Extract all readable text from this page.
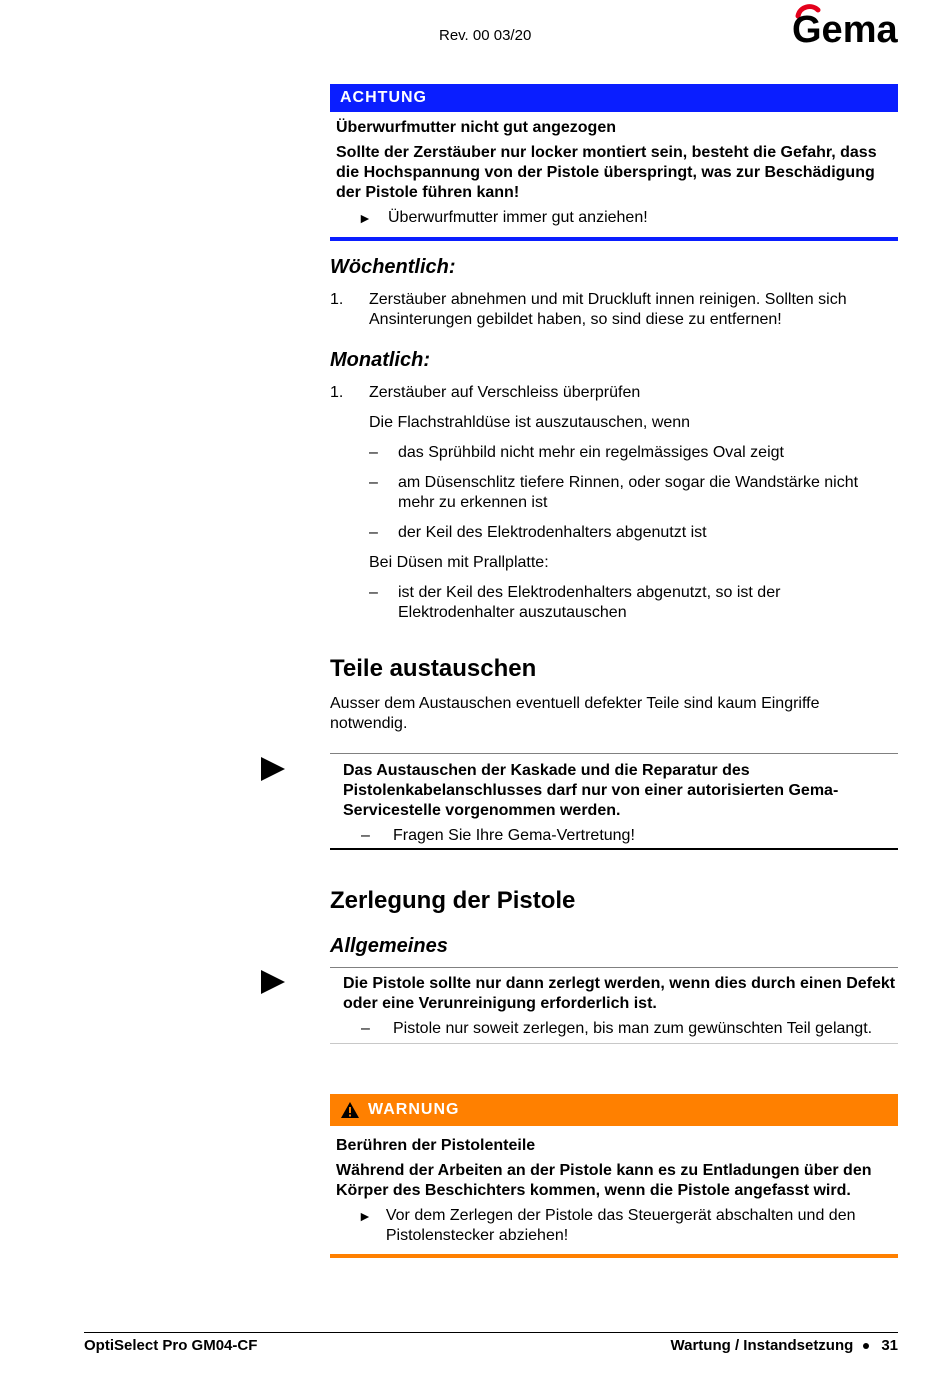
Rev. 00 03/20	Gema
ACHTUNG
Überwurfmutter nicht gut angezogen
Sollte der Zerstäuber nur locker montiert sein, besteht die Gefahr, dass die Hochspannung von der Pistole überspringt, was zur Beschädigung der Pistole führen kann!
► Überwurfmutter immer gut anziehen!
Wöchentlich:
1.	Zerstäuber abnehmen und mit Druckluft innen reinigen. Sollten sich Ansinterungen gebildet haben, so sind diese zu entfernen!
Monatlich:
1.	Zerstäuber auf Verschleiss überprüfen
Die Flachstrahldüse ist auszutauschen, wenn
–	das Sprühbild nicht mehr ein regelmässiges Oval zeigt
–	am Düsenschlitz tiefere Rinnen, oder sogar die Wandstärke nicht mehr zu erkennen ist
–	der Keil des Elektrodenhalters abgenutzt ist
Bei Düsen mit Prallplatte:
–	ist der Keil des Elektrodenhalters abgenutzt, so ist der Elektrodenhalter auszutauschen
Teile austauschen
Ausser dem Austauschen eventuell defekter Teile sind kaum Eingriffe notwendig.
Das Austauschen der Kaskade und die Reparatur des Pistolenkabelanschlusses darf nur von einer autorisierten Gema-Servicestelle vorgenommen werden.
–	Fragen Sie Ihre Gema-Vertretung!
Zerlegung der Pistole
Allgemeines
Die Pistole sollte nur dann zerlegt werden, wenn dies durch einen Defekt oder eine Verunreinigung erforderlich ist.
–	Pistole nur soweit zerlegen, bis man zum gewünschten Teil gelangt.
WARNUNG
Berühren der Pistolenteile
Während der Arbeiten an der Pistole kann es zu Entladungen über den Körper des Beschichters kommen, wenn die Pistole angefasst wird.
► Vor dem Zerlegen der Pistole das Steuergerät abschalten und den Pistolenstecker abziehen!
OptiSelect Pro GM04-CF	Wartung / Instandsetzung 31
